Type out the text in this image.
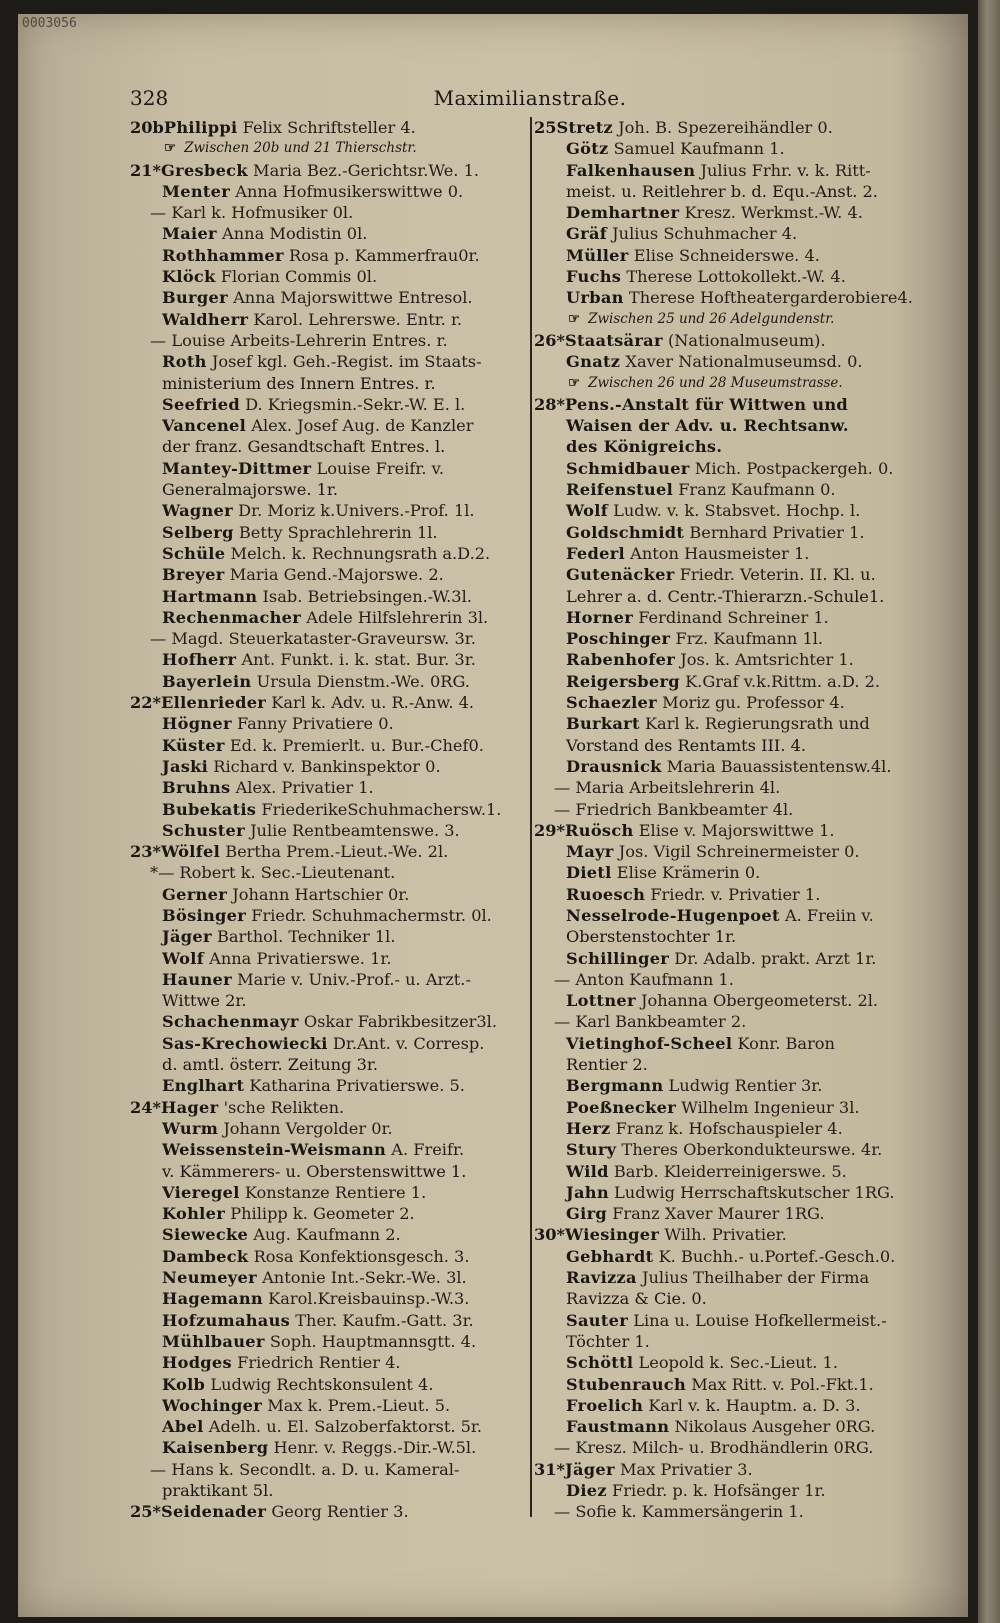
0003056
328	Maximilianstraße.
20bPhilippi Felix Schriftsteller 4.
☞ Zwischen 20b und 21 Thierschstr.
21*Gresbeck Maria Bez.-Gerichtsr.We. 1.
Menter Anna Hofmusikerswittwe 0.
— Karl k. Hofmusiker 0l.
Maier Anna Modistin 0l.
Rothhammer Rosa p. Kammerfrau0r.
Klöck Florian Commis 0l.
Burger Anna Majorswittwe Entresol.
Waldherr Karol. Lehrerswe. Entr. r.
— Louise Arbeits-Lehrerin Entres. r.
Roth Josef kgl. Geh.-Regist. im Staats-
ministerium des Innern Entres. r.
Seefried D. Kriegsmin.-Sekr.-W. E. l.
Vancenel Alex. Josef Aug. de Kanzler
der franz. Gesandtschaft Entres. l.
Mantey-Dittmer Louise Freifr. v.
Generalmajorswe. 1r.
Wagner Dr. Moriz k.Univers.-Prof. 1l.
Selberg Betty Sprachlehrerin 1l.
Schüle Melch. k. Rechnungsrath a.D.2.
Breyer Maria Gend.-Majorswe. 2.
Hartmann Isab. Betriebsingen.-W.3l.
Rechenmacher Adele Hilfslehrerin 3l.
— Magd. Steuerkataster-Graveursw. 3r.
Hofherr Ant. Funkt. i. k. stat. Bur. 3r.
Bayerlein Ursula Dienstm.-We. 0RG.
22*Ellenrieder Karl k. Adv. u. R.-Anw. 4.
Högner Fanny Privatiere 0.
Küster Ed. k. Premierlt. u. Bur.-Chef0.
Jaski Richard v. Bankinspektor 0.
Bruhns Alex. Privatier 1.
Bubekatis FriederikeSchuhmachersw.1.
Schuster Julie Rentbeamtenswe. 3.
23*Wölfel Bertha Prem.-Lieut.-We. 2l.
*— Robert k. Sec.-Lieutenant.
Gerner Johann Hartschier 0r.
Bösinger Friedr. Schuhmachermstr. 0l.
Jäger Barthol. Techniker 1l.
Wolf Anna Privatierswe. 1r.
Hauner Marie v. Univ.-Prof.- u. Arzt.-
Wittwe 2r.
Schachenmayr Oskar Fabrikbesitzer3l.
Sas-Krechowiecki Dr.Ant. v. Corresp.
d. amtl. österr. Zeitung 3r.
Englhart Katharina Privatierswe. 5.
24*Hager 'sche Relikten.
Wurm Johann Vergolder 0r.
Weissenstein-Weismann A. Freifr.
v. Kämmerers- u. Oberstenswittwe 1.
Vieregel Konstanze Rentiere 1.
Kohler Philipp k. Geometer 2.
Siewecke Aug. Kaufmann 2.
Dambeck Rosa Konfektionsgesch. 3.
Neumeyer Antonie Int.-Sekr.-We. 3l.
Hagemann Karol.Kreisbauinsp.-W.3.
Hofzumahaus Ther. Kaufm.-Gatt. 3r.
Mühlbauer Soph. Hauptmannsgtt. 4.
Hodges Friedrich Rentier 4.
Kolb Ludwig Rechtskonsulent 4.
Wochinger Max k. Prem.-Lieut. 5.
Abel Adelh. u. El. Salzoberfaktorst. 5r.
Kaisenberg Henr. v. Reggs.-Dir.-W.5l.
— Hans k. Secondlt. a. D. u. Kameral-
praktikant 5l.
25*Seidenader Georg Rentier 3.
25Stretz Joh. B. Spezereihändler 0.
Götz Samuel Kaufmann 1.
Falkenhausen Julius Frhr. v. k. Ritt-
meist. u. Reitlehrer b. d. Equ.-Anst. 2.
Demhartner Kresz. Werkmst.-W. 4.
Gräf Julius Schuhmacher 4.
Müller Elise Schneiderswe. 4.
Fuchs Therese Lottokollekt.-W. 4.
Urban Therese Hoftheatergarderobiere4.
☞ Zwischen 25 und 26 Adelgundenstr.
26*Staatsärar (Nationalmuseum).
Gnatz Xaver Nationalmuseumsd. 0.
☞ Zwischen 26 und 28 Museumstrasse.
28*Pens.-Anstalt für Wittwen und
Waisen der Adv. u. Rechtsanw.
des Königreichs.
Schmidbauer Mich. Postpackergeh. 0.
Reifenstuel Franz Kaufmann 0.
Wolf Ludw. v. k. Stabsvet. Hochp. l.
Goldschmidt Bernhard Privatier 1.
Federl Anton Hausmeister 1.
Gutenäcker Friedr. Veterin. II. Kl. u.
Lehrer a. d. Centr.-Thierarzn.-Schule1.
Horner Ferdinand Schreiner 1.
Poschinger Frz. Kaufmann 1l.
Rabenhofer Jos. k. Amtsrichter 1.
Reigersberg K.Graf v.k.Rittm. a.D. 2.
Schaezler Moriz gu. Professor 4.
Burkart Karl k. Regierungsrath und
Vorstand des Rentamts III. 4.
Drausnick Maria Bauassistentensw.4l.
— Maria Arbeitslehrerin 4l.
— Friedrich Bankbeamter 4l.
29*Ruösch Elise v. Majorswittwe 1.
Mayr Jos. Vigil Schreinermeister 0.
Dietl Elise Krämerin 0.
Ruoesch Friedr. v. Privatier 1.
Nesselrode-Hugenpoet A. Freiin v.
Oberstenstochter 1r.
Schillinger Dr. Adalb. prakt. Arzt 1r.
— Anton Kaufmann 1.
Lottner Johanna Obergeometerst. 2l.
— Karl Bankbeamter 2.
Vietinghof-Scheel Konr. Baron
Rentier 2.
Bergmann Ludwig Rentier 3r.
Poeßnecker Wilhelm Ingenieur 3l.
Herz Franz k. Hofschauspieler 4.
Stury Theres Oberkondukteurswe. 4r.
Wild Barb. Kleiderreinigerswe. 5.
Jahn Ludwig Herrschaftskutscher 1RG.
Girg Franz Xaver Maurer 1RG.
30*Wiesinger Wilh. Privatier.
Gebhardt K. Buchh.- u.Portef.-Gesch.0.
Ravizza Julius Theilhaber der Firma
Ravizza & Cie. 0.
Sauter Lina u. Louise Hofkellermeist.-
Töchter 1.
Schöttl Leopold k. Sec.-Lieut. 1.
Stubenrauch Max Ritt. v. Pol.-Fkt.1.
Froelich Karl v. k. Hauptm. a. D. 3.
Faustmann Nikolaus Ausgeher 0RG.
— Kresz. Milch- u. Brodhändlerin 0RG.
31*Jäger Max Privatier 3.
Diez Friedr. p. k. Hofsänger 1r.
— Sofie k. Kammersängerin 1.
